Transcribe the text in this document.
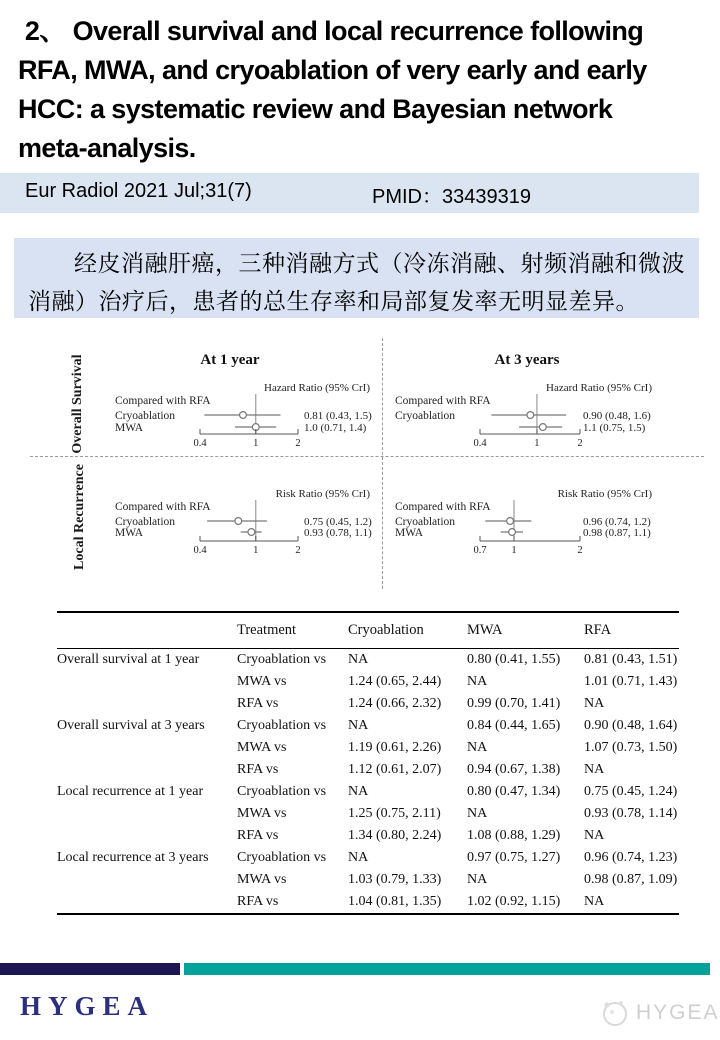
2、 Overall survival and local recurrence following
RFA, MWA, and cryoablation of very early and early
HCC: a systematic review and Bayesian network
meta-analysis.
Eur Radiol 2021 Jul;31(7)	PMID：33439319

经皮消融肝癌，三种消融方式（冷冻消融、射频消融和微波消融）治疗后，患者的总生存率和局部复发率无明显差异。

Overall Survival
Local Recurrence
At 1 year
Hazard Ratio (95% CrI)
Compared with RFA
Cryoablation	0.81 (0.43, 1.5)
MWA	1.0 (0.71, 1.4)
0.4	1	2
At 3 years
Hazard Ratio (95% CrI)
Compared with RFA
Cryoablation	0.90 (0.48, 1.6)
1.1 (0.75, 1.5)
0.4	1	2
Risk Ratio (95% CrI)
Compared with RFA
Cryoablation	0.75 (0.45, 1.2)
MWA	0.93 (0.78, 1.1)
0.4	1	2
Risk Ratio (95% CrI)
Compared with RFA
Cryoablation	0.96 (0.74, 1.2)
MWA	0.98 (0.87, 1.1)
0.7 1	2
	Treatment	Cryoablation	MWA	RFA
Overall survival at 1 year	Cryoablation vs	NA	0.80 (0.41, 1.55)	0.81 (0.43, 1.51)
	MWA vs	1.24 (0.65, 2.44)	NA	1.01 (0.71, 1.43)
	RFA vs	1.24 (0.66, 2.32)	0.99 (0.70, 1.41)	NA
Overall survival at 3 years	Cryoablation vs	NA	0.84 (0.44, 1.65)	0.90 (0.48, 1.64)
	MWA vs	1.19 (0.61, 2.26)	NA	1.07 (0.73, 1.50)
	RFA vs	1.12 (0.61, 2.07)	0.94 (0.67, 1.38)	NA
Local recurrence at 1 year	Cryoablation vs	NA	0.80 (0.47, 1.34)	0.75 (0.45, 1.24)
	MWA vs	1.25 (0.75, 2.11)	NA	0.93 (0.78, 1.14)
	RFA vs	1.34 (0.80, 2.24)	1.08 (0.88, 1.29)	NA
Local recurrence at 3 years	Cryoablation vs	NA	0.97 (0.75, 1.27)	0.96 (0.74, 1.23)
	MWA vs	1.03 (0.79, 1.33)	NA	0.98 (0.87, 1.09)
	RFA vs	1.04 (0.81, 1.35)	1.02 (0.92, 1.15)	NA
HYGEA	HYGEA
